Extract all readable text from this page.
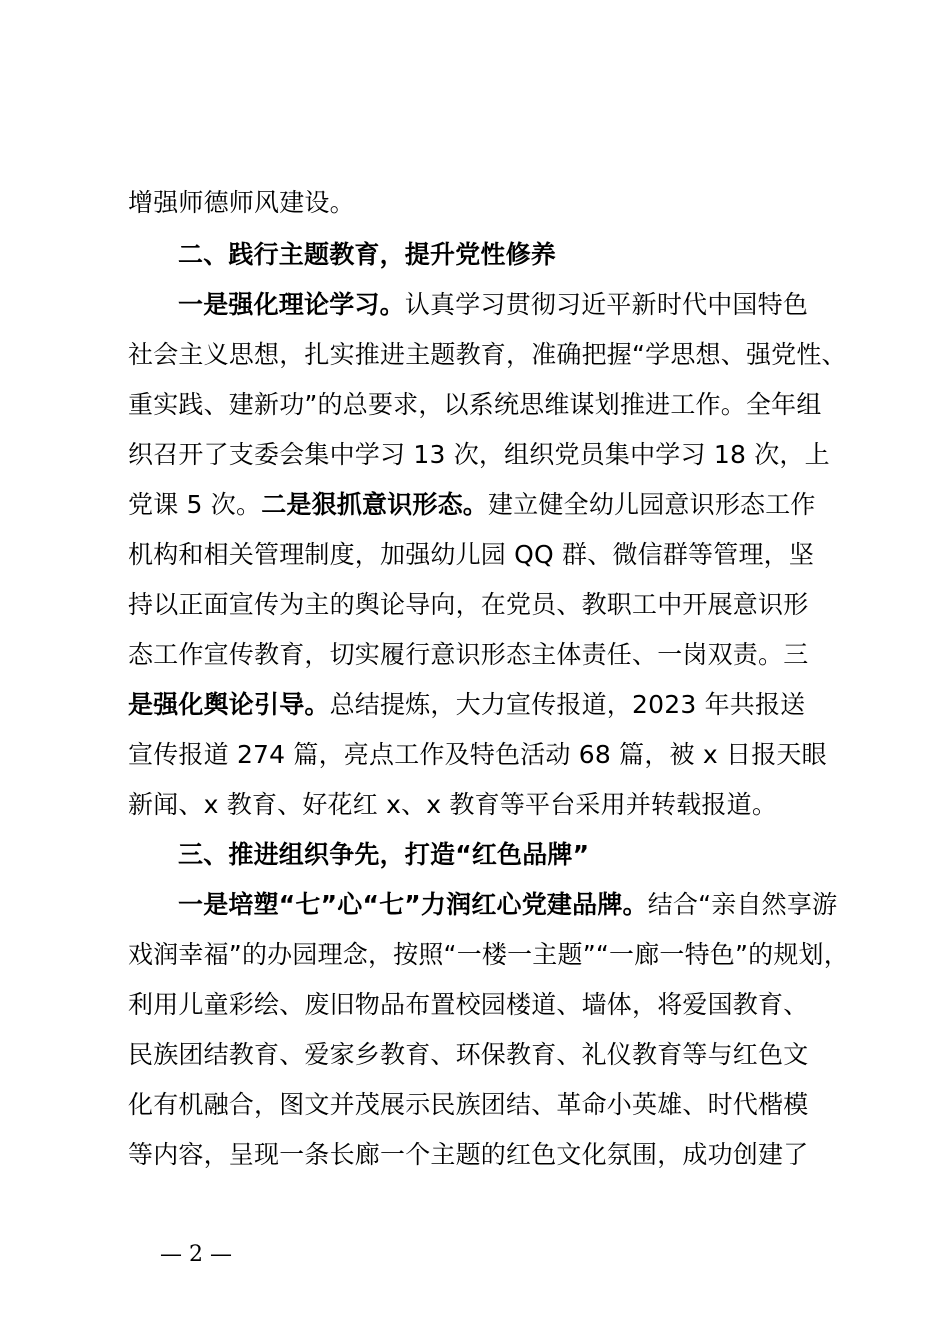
增强师德师风建设。
二、践行主题教育，提升党性修养
一是强化理论学习。认真学习贯彻习近平新时代中国特色
社会主义思想，扎实推进主题教育，准确把握“学思想、强党性、
重实践、建新功”的总要求，以系统思维谋划推进工作。全年组
织召开了支委会集中学习 13 次，组织党员集中学习 18 次，上
党课 5 次。二是狠抓意识形态。建立健全幼儿园意识形态工作
机构和相关管理制度，加强幼儿园 QQ 群、微信群等管理，坚
持以正面宣传为主的舆论导向，在党员、教职工中开展意识形
态工作宣传教育，切实履行意识形态主体责任、一岗双责。三
是强化舆论引导。总结提炼，大力宣传报道，2023 年共报送
宣传报道 274 篇，亮点工作及特色活动 68 篇，被 x 日报天眼
新闻、x 教育、好花红 x、x 教育等平台采用并转载报道。
三、推进组织争先，打造“红色品牌”
一是培塑“七”心“七”力润红心党建品牌。结合“亲自然享游
戏润幸福”的办园理念，按照“一楼一主题”“一廊一特色”的规划，
利用儿童彩绘、废旧物品布置校园楼道、墙体，将爱国教育、
民族团结教育、爱家乡教育、环保教育、礼仪教育等与红色文
化有机融合，图文并茂展示民族团结、革命小英雄、时代楷模
等内容，呈现一条长廊一个主题的红色文化氛围，成功创建了
— 2 —
